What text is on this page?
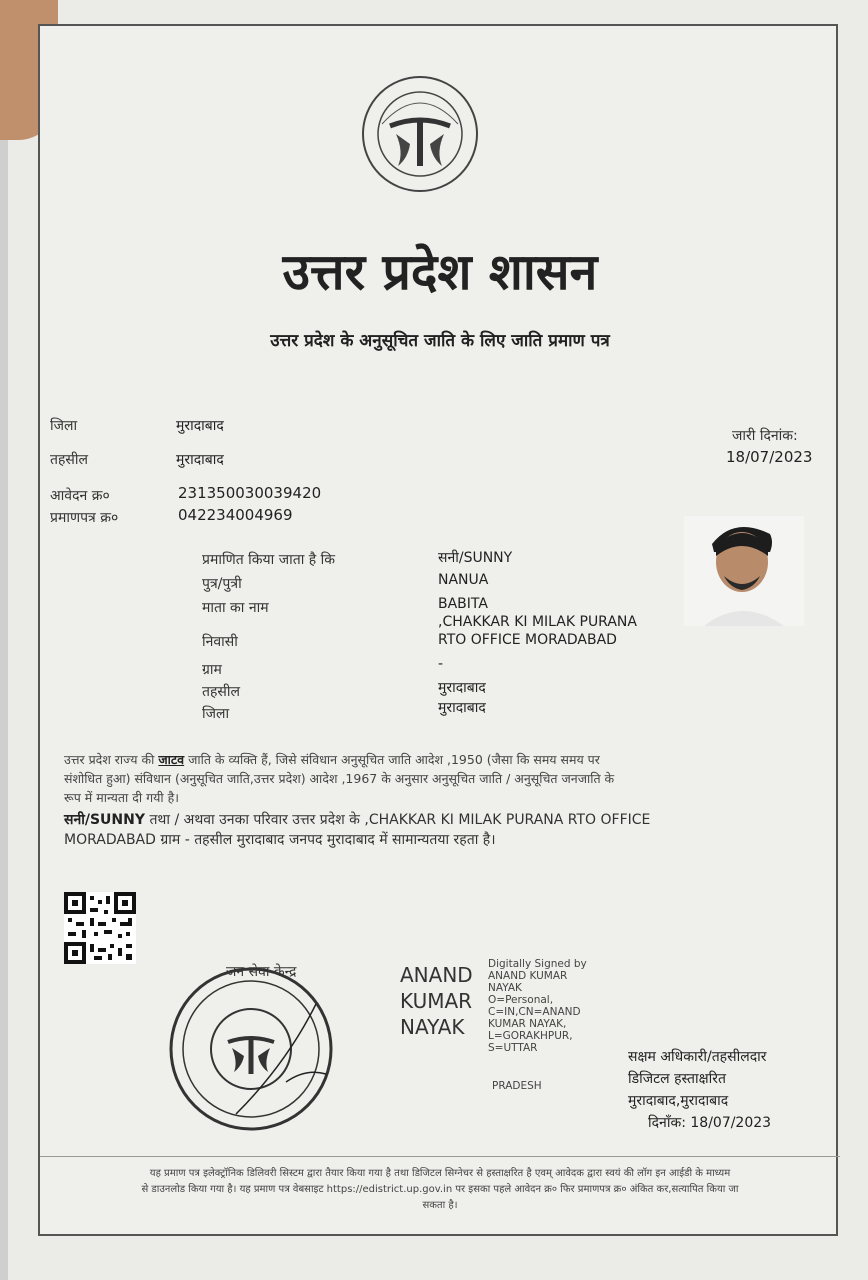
उत्तर प्रदेश शासन
उत्तर प्रदेश के अनुसूचित जाति के लिए जाति प्रमाण पत्र
जिला	मुरादाबाद
तहसील	मुरादाबाद
आवेदन क्र०	231350030039420
प्रमाणपत्र क्र०	042234004969
जारी दिनांक:
18/07/2023
प्रमाणित किया जाता है कि	सनी/SUNNY
पुत्र/पुत्री	NANUA
माता का नाम	BABITA
,CHAKKAR KI MILAK PURANA
निवासी	RTO OFFICE MORADABAD
ग्राम	-
तहसील	मुरादाबाद
जिला	मुरादाबाद
उत्तर प्रदेश राज्य की जाटव जाति के व्यक्ति हैं, जिसे संविधान अनुसूचित जाति आदेश ,1950 (जैसा कि समय समय पर
संशोधित हुआ) संविधान (अनुसूचित जाति,उत्तर प्रदेश) आदेश ,1967 के अनुसार अनुसूचित जाति / अनुसूचित जनजाति के
रूप में मान्यता दी गयी है।
सनी/SUNNY तथा / अथवा उनका परिवार उत्तर प्रदेश के ,CHAKKAR KI MILAK PURANA RTO OFFICE
MORADABAD ग्राम - तहसील मुरादाबाद जनपद मुरादाबाद में सामान्यतया रहता है।
जन सेवा केन्द्र	ANAND
KUMAR
NAYAK
Digitally Signed by
ANAND KUMAR
NAYAK
O=Personal,
C=IN,CN=ANAND
KUMAR NAYAK,
L=GORAKHPUR,
S=UTTAR
PRADESH
सक्षम अधिकारी/तहसीलदार
डिजिटल हस्ताक्षरित
मुरादाबाद,मुरादाबाद
दिनाँक: 18/07/2023
यह प्रमाण पत्र इलेक्ट्रॉनिक डिलिवरी सिस्टम द्वारा तैयार किया गया है तथा डिजिटल सिग्नेचर से हस्ताक्षरित है एवम् आवेदक द्वारा स्वयं की लॉग इन आईडी के माध्यम
से डाउनलोड किया गया है। यह प्रमाण पत्र वेबसाइट https://edistrict.up.gov.in पर इसका पहले आवेदन क्र० फिर प्रमाणपत्र क्र० अंकित कर,सत्यापित किया जा
सकता है।
